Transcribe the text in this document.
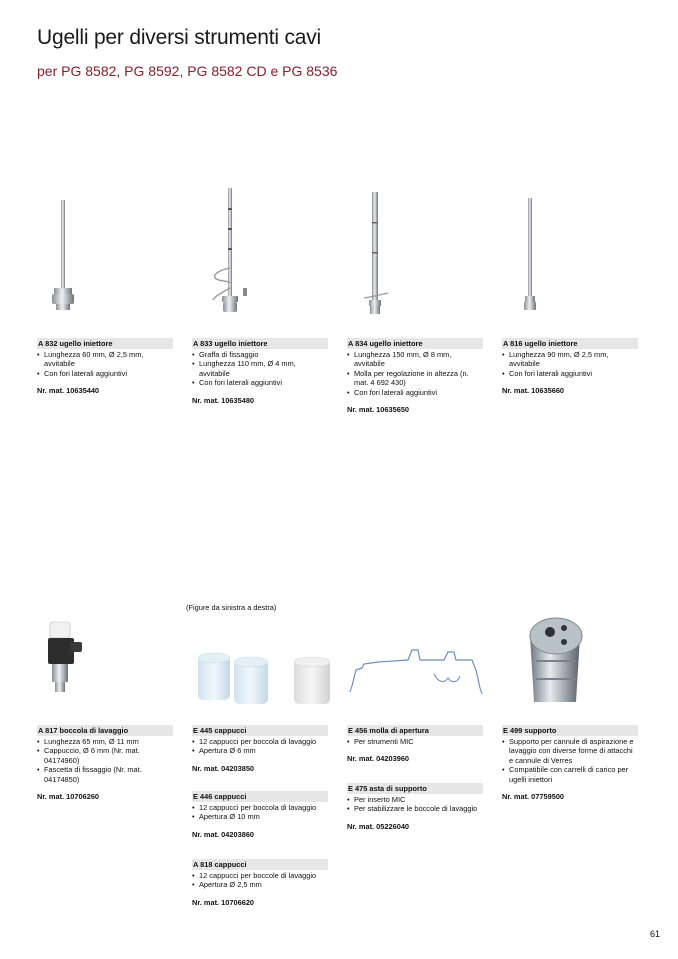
Ugelli per diversi strumenti cavi
per PG 8582, PG 8592, PG 8582 CD e PG 8536
A 832 ugello iniettore
• Lunghezza 60 mm, Ø 2,5 mm, avvitabile
• Con fori laterali aggiuntivi
Nr. mat. 10635440
A 833 ugello iniettore
• Graffa di fissaggio
• Lunghezza 110 mm, Ø 4 mm, avvitabile
• Con fori laterali aggiuntivi
Nr. mat. 10635480
A 834 ugello iniettore
• Lunghezza 150 mm, Ø 8 mm, avvitabile
• Molla per regolazione in altezza (n. mat. 4 692 430)
• Con fori laterali aggiuntivi
Nr. mat. 10635650
A 816 ugello iniettore
• Lunghezza 90 mm, Ø 2,5 mm, avvitabile
• Con fori laterali aggiuntivi
Nr. mat. 10635660
(Figure da sinistra a destra)
A 817 boccola di lavaggio
• Lunghezza 65 mm, Ø 11 mm
• Cappuccio, Ø 6 mm (Nr. mat. 04174960)
• Fascetta di fissaggio (Nr. mat. 04174850)
Nr. mat. 10706260
E 445 cappucci
• 12 cappucci per boccola di lavaggio
• Apertura Ø 6 mm
Nr. mat. 04203850
E 446 cappucci
• 12 cappucci per boccola di lavaggio
• Apertura Ø 10 mm
Nr. mat. 04203860
A 818 cappucci
• 12 cappucci per boccole di lavaggio
• Apertura Ø 2,5 mm
Nr. mat. 10706620
E 456 molla di apertura
• Per strumenti MIC
Nr. mat. 04203960
E 475 asta di supporto
• Per inserto MIC
• Per stabilizzare le boccole di lavaggio
Nr. mat. 05226040
E 499 supporto
• Supporto per cannule di aspirazione e lavaggio con diverse forme di attacchi e cannule di Verres
• Compatibile con carrelli di carico per ugelli iniettori
Nr. mat. 07759500
61
